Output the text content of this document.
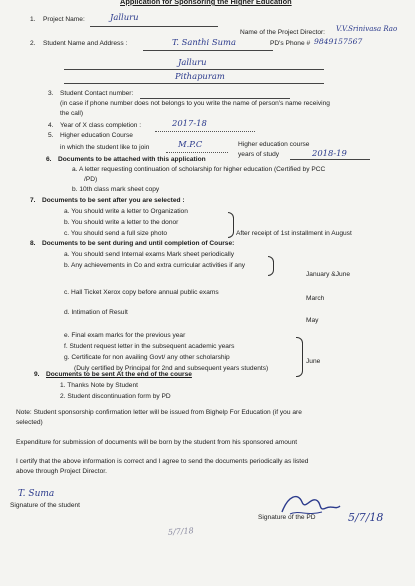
Application for Sponsoring the Higher Education
1. Project Name:	Jalluru
Name of the Project Director: V.V.Srinivasa Rao
PD's Phone # 9849157567
2. Student Name and Address :	T. Santhi Suma
Jalluru
Pithapuram
3. Student Contact number:
(in case if phone number does not belongs to you write the name of person's name receiving
the call)
4. Year of X class completion :	2017-18
5. Higher education Course
in which the student like to join	M.P.C	Higher education course
years of study	2018-19
6. Documents to be attached with this application
a. A letter requesting continuation of scholarship for higher education (Certified by PCC
/PD)
b. 10th class mark sheet copy
7. Documents to be sent after you are selected :
a. You should write a letter to Organization
b. You should write a letter to the donor
c. You should send a full size photo	After receipt of 1st installment in August
8. Documents to be sent during and until completion of Course:
a. You should send Internal exams Mark sheet periodically
b. Any achievements in Co and extra curricular activities if any
January &June
c. Hall Ticket Xerox copy before annual public exams
March
d. Intimation of Result
May
e. Final exam marks for the previous year
f. Student request letter in the subsequent academic years
g. Certificate for non availing Govt/ any other scholarship
(Duly certified by Principal for 2nd and subsequent years students)
June
9. Documents to be sent At the end of the course
1. Thanks Note by Student
2. Student discontinuation form by PD
Note: Student sponsorship confirmation letter will be issued from Bighelp For Education (if you are
selected)
Expenditure for submission of documents will be born by the student from his sponsored amount
I certify that the above information is correct and I agree to send the documents periodically as listed
above through Project Director.
T. Suma
Signature of the student
Signature of the PD	5/7/18
5/7/18
